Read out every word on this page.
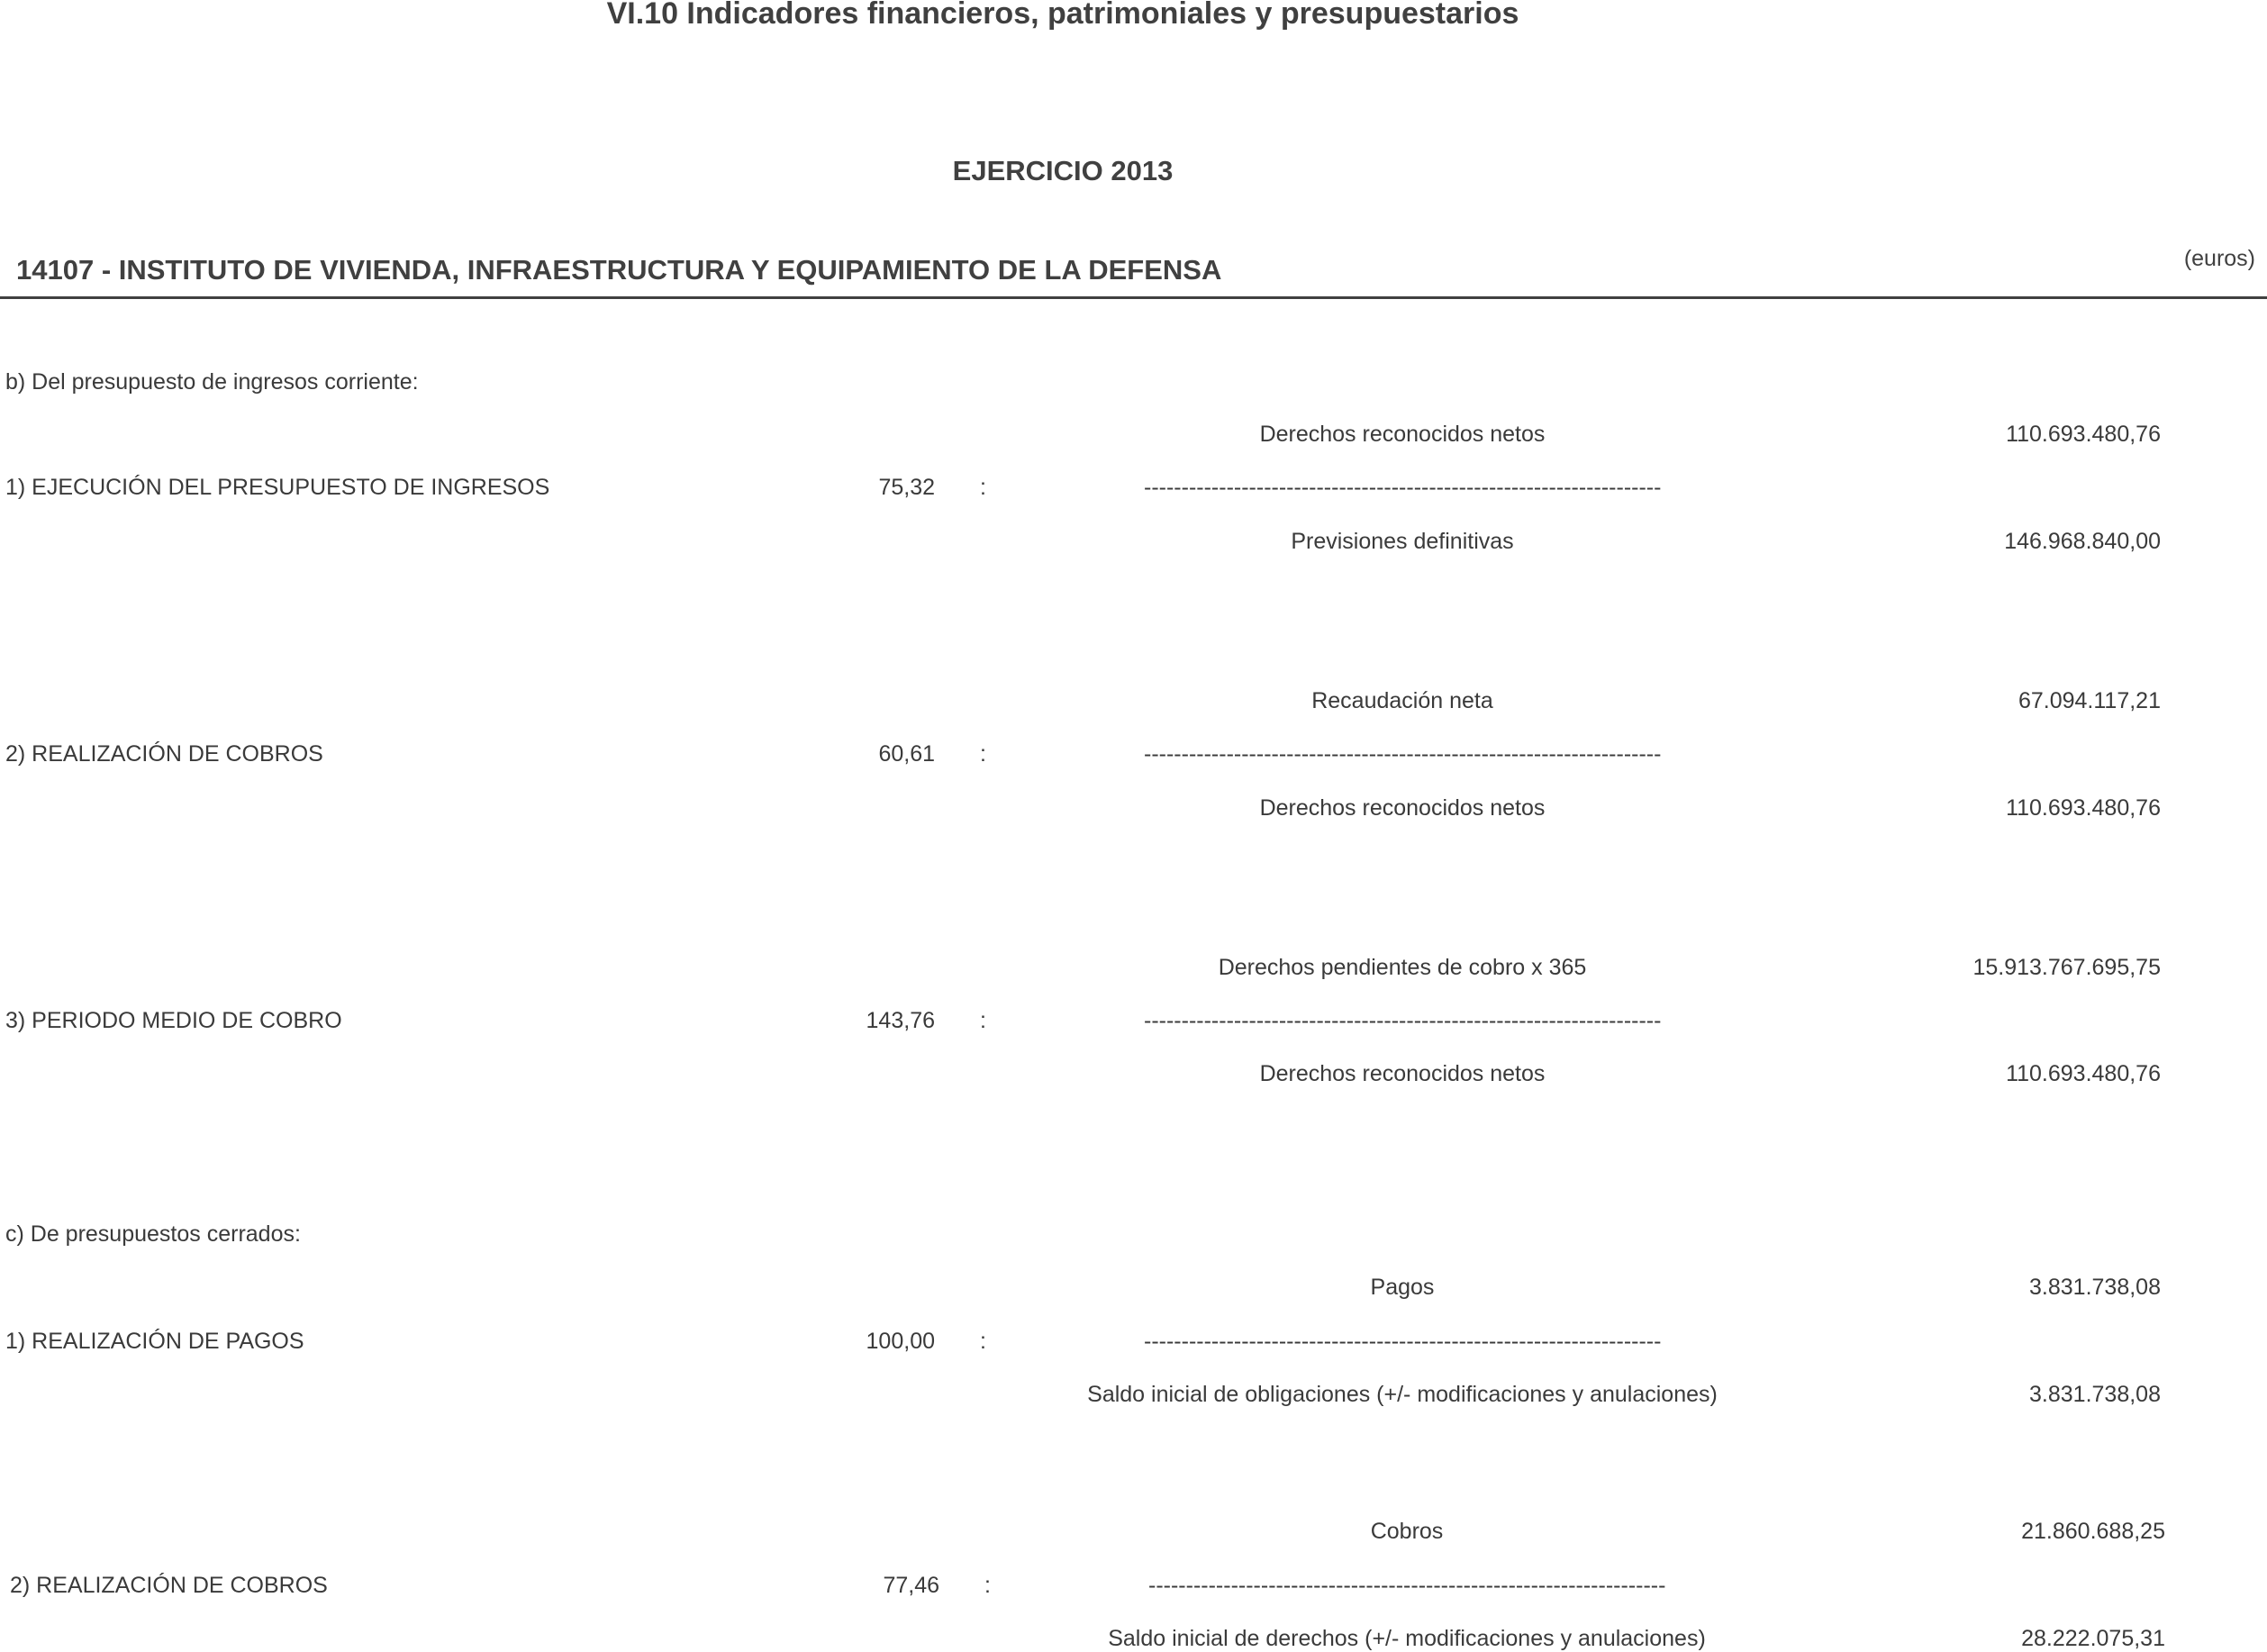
VI.10 Indicadores financieros, patrimoniales y presupuestarios
EJERCICIO 2013
14107 - INSTITUTO DE VIVIENDA, INFRAESTRUCTURA Y EQUIPAMIENTO DE LA DEFENSA	(euros)
b) Del presupuesto de ingresos corriente:
Derechos reconocidos netos	110.693.480,76
1) EJECUCIÓN DEL PRESUPUESTO DE INGRESOS	75,32 :	---------------------------------------------------------------------
Previsiones definitivas	146.968.840,00
Recaudación neta	67.094.117,21
2) REALIZACIÓN DE COBROS	60,61 :	---------------------------------------------------------------------
Derechos reconocidos netos	110.693.480,76
Derechos pendientes de cobro x 365	15.913.767.695,75
3) PERIODO MEDIO DE COBRO	143,76 :	---------------------------------------------------------------------
Derechos reconocidos netos	110.693.480,76
c) De presupuestos cerrados:
Pagos	3.831.738,08
1) REALIZACIÓN DE PAGOS	100,00 :	---------------------------------------------------------------------
Saldo inicial de obligaciones (+/- modificaciones y anulaciones)	3.831.738,08
Cobros	21.860.688,25
2) REALIZACIÓN DE COBROS	77,46 :	---------------------------------------------------------------------
Saldo inicial de derechos (+/- modificaciones y anulaciones)	28.222.075,31
